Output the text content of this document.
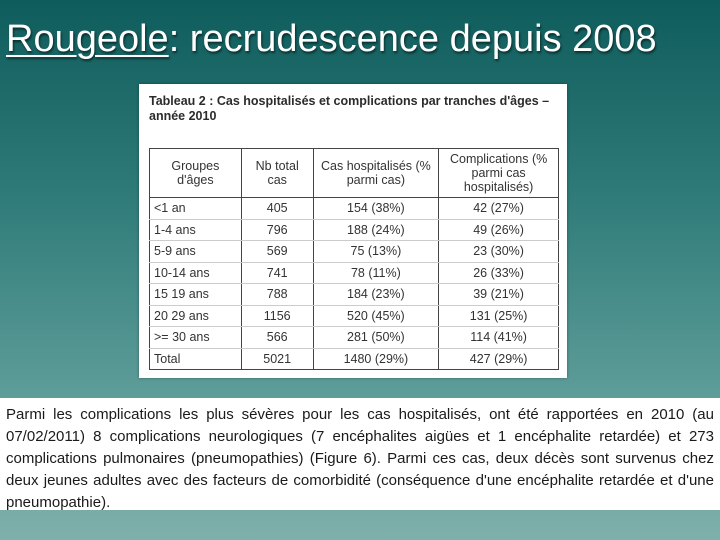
Rougeole: recrudescence depuis 2008
Tableau 2 : Cas hospitalisés et complications par tranches d'âges – année 2010
Groupes d'âges	Nb total cas	Cas hospitalisés (% parmi cas)	Complications (% parmi cas hospitalisés)
<1 an	405	154 (38%)	42 (27%)
1-4 ans	796	188 (24%)	49 (26%)
5-9 ans	569	75 (13%)	23 (30%)
10-14 ans	741	78 (11%)	26 (33%)
15 19 ans	788	184 (23%)	39 (21%)
20 29 ans	1156	520 (45%)	131 (25%)
>= 30 ans	566	281 (50%)	114 (41%)
Total	5021	1480 (29%)	427 (29%)
Parmi les complications les plus sévères pour les cas hospitalisés, ont été rapportées en 2010 (au 07/02/2011) 8 complications neurologiques (7 encéphalites aigües et 1 encéphalite retardée) et 273 complications pulmonaires (pneumopathies) (Figure 6). Parmi ces cas, deux décès sont survenus chez deux jeunes adultes avec des facteurs de comorbidité (conséquence d'une encéphalite retardée et d'une pneumopathie).
